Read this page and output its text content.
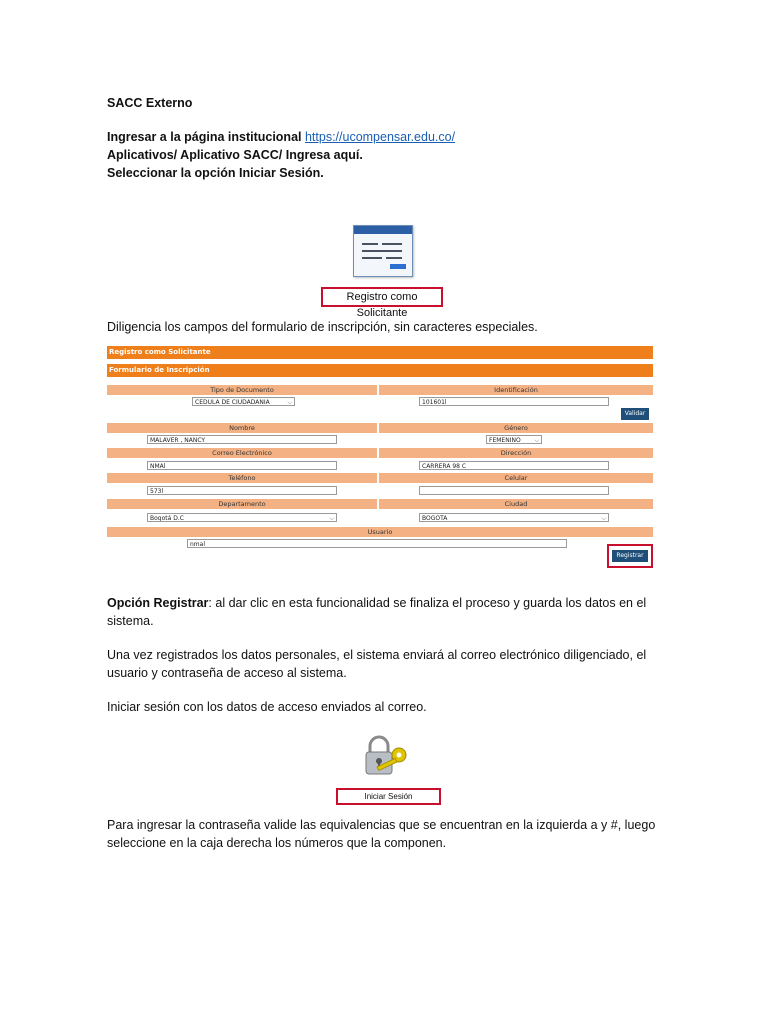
SACC Externo
Ingresar a la página institucional https://ucompensar.edu.co/
Aplicativos/ Aplicativo SACC/ Ingresa aquí.
Seleccionar la opción Iniciar Sesión.
Registro como Solicitante
Diligencia los campos del formulario de inscripción, sin caracteres especiales.
Registro como Solicitante
Formulario de Inscripción
Tipo de Documento	Identificación
CEDULA DE CIUDADANIA	⌵	101601l
Validar
Nombre	Género
MALAVER , NANCY	FEMENINO ⌵
Correo Electrónico	Dirección
NMAl	CARRERA 98 C
Teléfono	Celular
573l
Departamento	Ciudad
Bogotá D.C	⌵	BOGOTA	⌵
Usuario
nmal
Registrar
Opción Registrar: al dar clic en esta funcionalidad se finaliza el proceso y guarda los datos en el sistema.
Una vez registrados los datos personales, el sistema enviará al correo electrónico diligenciado, el usuario y contraseña de acceso al sistema.
Iniciar sesión con los datos de acceso enviados al correo.
Iniciar Sesión
Para ingresar la contraseña valide las equivalencias que se encuentran en la izquierda a y #, luego seleccione en la caja derecha los números que la componen.
